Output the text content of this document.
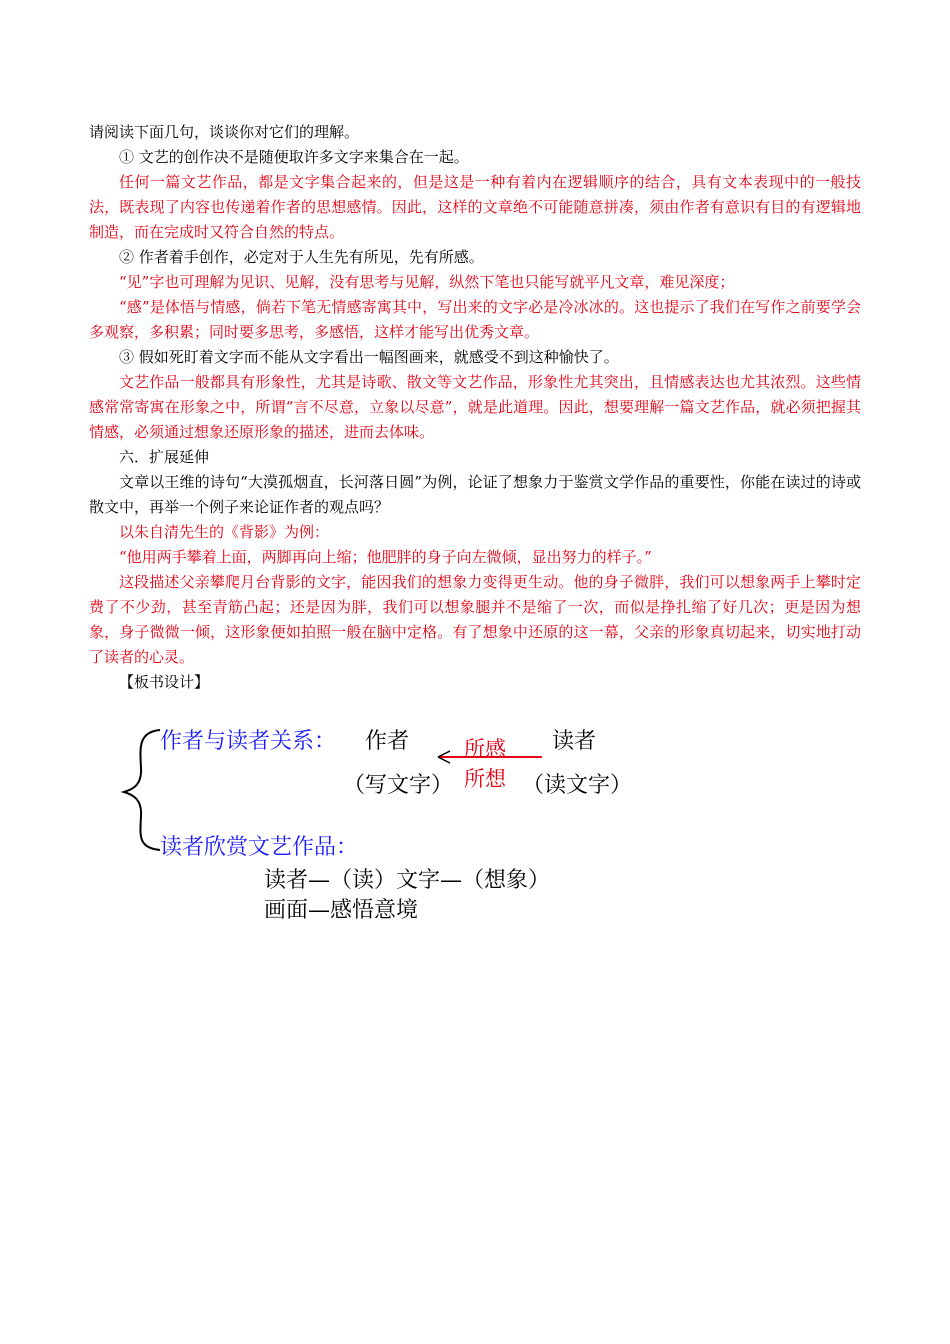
请阅读下面几句，谈谈你对它们的理解。

① 文艺的创作决不是随便取许多文字来集合在一起。

任何一篇文艺作品，都是文字集合起来的，但是这是一种有着内在逻辑顺序的结合，具有文本表现中的一般技法，既表现了内容也传递着作者的思想感情。因此，这样的文章绝不可能随意拼凑，须由作者有意识有目的有逻辑地制造，而在完成时又符合自然的特点。

② 作者着手创作，必定对于人生先有所见，先有所感。

“见”字也可理解为见识、见解，没有思考与见解，纵然下笔也只能写就平凡文章，难见深度；

“感”是体悟与情感，倘若下笔无情感寄寓其中，写出来的文字必是冷冰冰的。这也提示了我们在写作之前要学会多观察，多积累；同时要多思考，多感悟，这样才能写出优秀文章。

③ 假如死盯着文字而不能从文字看出一幅图画来，就感受不到这种愉快了。

文艺作品一般都具有形象性，尤其是诗歌、散文等文艺作品，形象性尤其突出，且情感表达也尤其浓烈。这些情感常常寄寓在形象之中，所谓“言不尽意，立象以尽意”，就是此道理。因此，想要理解一篇文艺作品，就必须把握其情感，必须通过想象还原形象的描述，进而去体味。

六．扩展延伸

文章以王维的诗句“大漠孤烟直，长河落日圆”为例，论证了想象力于鉴赏文学作品的重要性，你能在读过的诗或散文中，再举一个例子来论证作者的观点吗？

以朱自清先生的《背影》为例：

“他用两手攀着上面，两脚再向上缩；他肥胖的身子向左微倾，显出努力的样子。”

这段描述父亲攀爬月台背影的文字，能因我们的想象力变得更生动。他的身子微胖，我们可以想象两手上攀时定费了不少劲，甚至青筋凸起；还是因为胖，我们可以想象腿并不是缩了一次，而似是挣扎缩了好几次；更是因为想象，身子微微一倾，这形象便如拍照一般在脑中定格。有了想象中还原的这一幕，父亲的形象真切起来，切实地打动了读者的心灵。

【板书设计】

作者与读者关系： 作者	所感 读者
（写文字） 所想 （读文字）
读者欣赏文艺作品：
读者—（读）文字—（想象）
画面—感悟意境
